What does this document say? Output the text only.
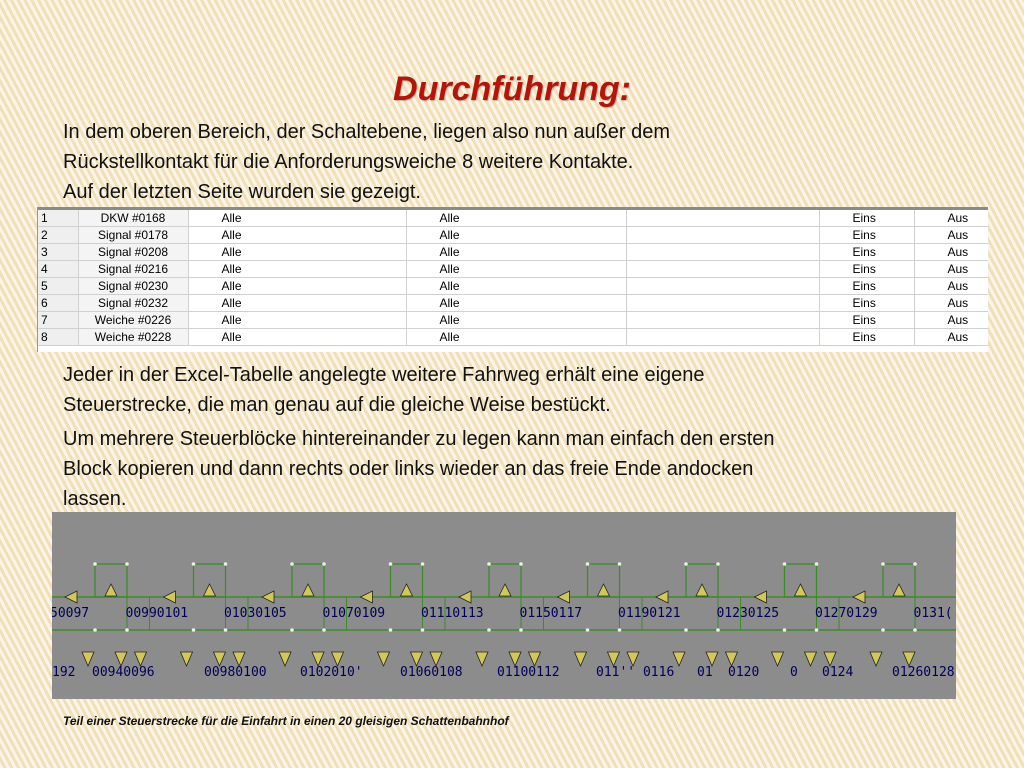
Durchführung:
In dem oberen Bereich, der Schaltebene, liegen also nun außer dem
Rückstellkontakt für die Anforderungsweiche 8 weitere Kontakte.
Auf der letzten Seite wurden sie gezeigt.
1	DKW #0168	Alle	Alle		Eins	Aus
2	Signal #0178	Alle	Alle		Eins	Aus
3	Signal #0208	Alle	Alle		Eins	Aus
4	Signal #0216	Alle	Alle		Eins	Aus
5	Signal #0230	Alle	Alle		Eins	Aus
6	Signal #0232	Alle	Alle		Eins	Aus
7	Weiche #0226	Alle	Alle		Eins	Aus
8	Weiche #0228	Alle	Alle		Eins	Aus
Jeder in der Excel-Tabelle angelegte weitere Fahrweg erhält eine eigene
Steuerstrecke, die man genau auf die gleiche Weise bestückt.
Um mehrere Steuerblöcke hintereinander zu legen kann man einfach den ersten
Block kopieren und dann rechts oder links wieder an das freie Ende andocken
lassen.
50097	00990101	01030105	01070109	01110113	01150117	01190121	01230125	01270129	0131(
192 00940096	00980100	0102010'	01060108	01100112	011'' 0116 01 0120 0 0124	01260128
Teil einer Steuerstrecke für die Einfahrt in einen 20 gleisigen Schattenbahnhof
